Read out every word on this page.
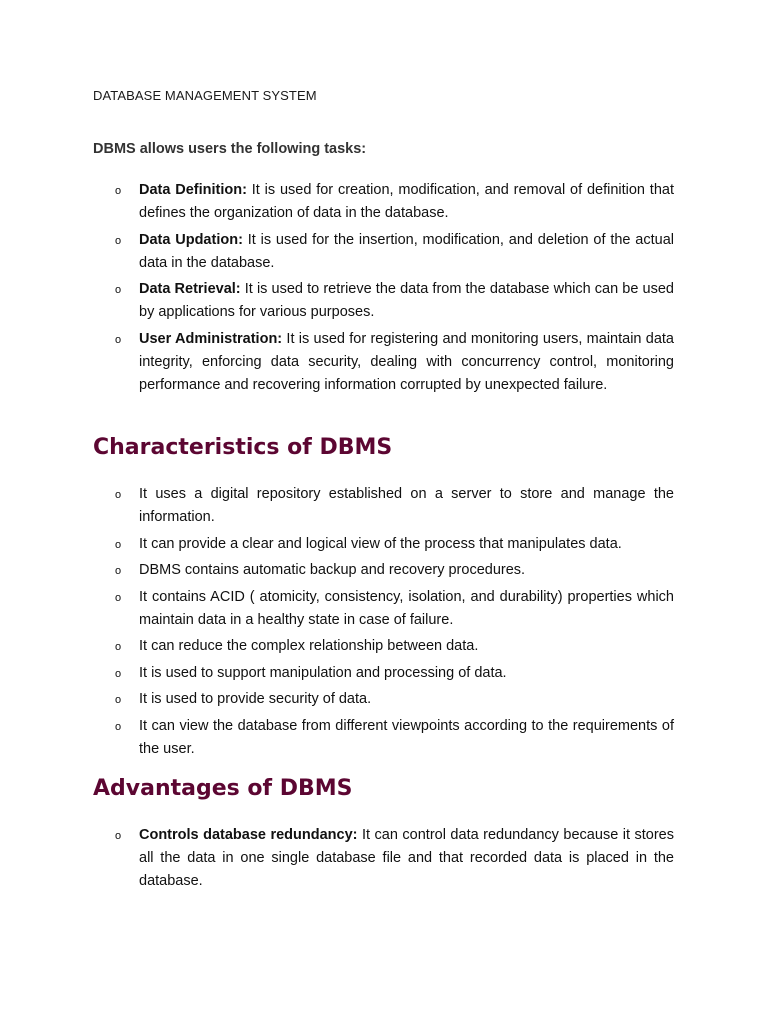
DATABASE MANAGEMENT SYSTEM

DBMS allows users the following tasks:

o Data Definition: It is used for creation, modification, and removal of definition that defines the organization of data in the database.
o Data Updation: It is used for the insertion, modification, and deletion of the actual data in the database.
o Data Retrieval: It is used to retrieve the data from the database which can be used by applications for various purposes.
o User Administration: It is used for registering and monitoring users, maintain data integrity, enforcing data security, dealing with concurrency control, monitoring performance and recovering information corrupted by unexpected failure.
Characteristics of DBMS
o It uses a digital repository established on a server to store and manage the information.
o It can provide a clear and logical view of the process that manipulates data.
o DBMS contains automatic backup and recovery procedures.
o It contains ACID ( atomicity, consistency, isolation, and durability) properties which maintain data in a healthy state in case of failure.
o It can reduce the complex relationship between data.
o It is used to support manipulation and processing of data.
o It is used to provide security of data.
o It can view the database from different viewpoints according to the requirements of the user.
Advantages of DBMS
o Controls database redundancy: It can control data redundancy because it stores all the data in one single database file and that recorded data is placed in the database.
